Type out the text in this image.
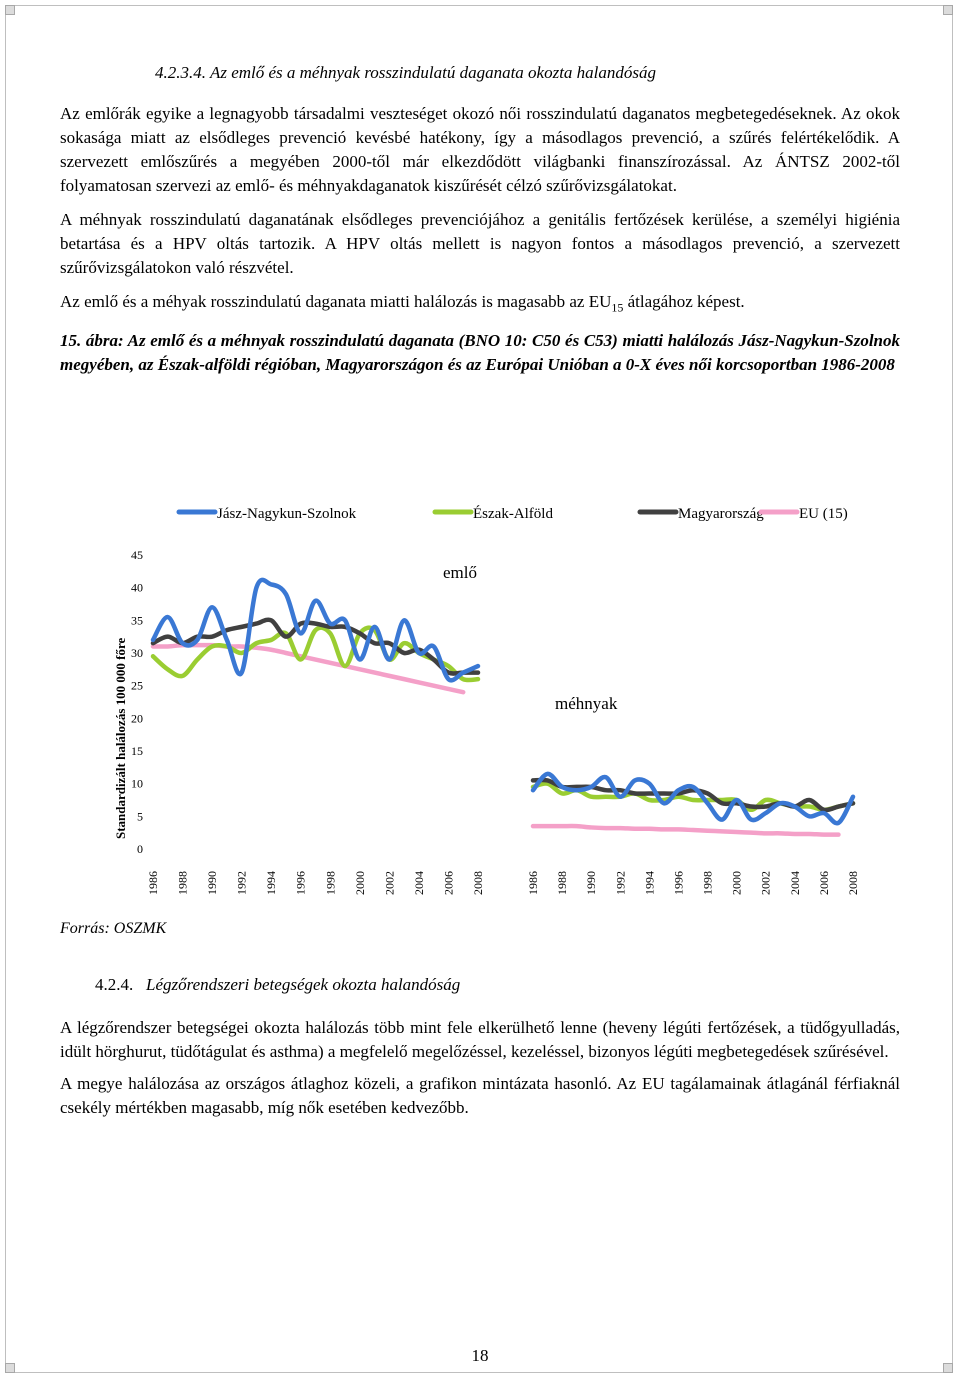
4.2.3.4. Az emlő és a méhnyak rosszindulatú daganata okozta halandóság

Az emlőrák egyike a legnagyobb társadalmi veszteséget okozó női rosszindulatú daganatos megbetegedéseknek. Az okok sokasága miatt az elsődleges prevenció kevésbé hatékony, így a másodlagos prevenció, a szűrés felértékelődik. A szervezett emlőszűrés a megyében 2000-től már elkezdődött világbanki finanszírozással. Az ÁNTSZ 2002-től folyamatosan szervezi az emlő- és méhnyakdaganatok kiszűrését célzó szűrővizsgálatokat.

A méhnyak rosszindulatú daganatának elsődleges prevenciójához a genitális fertőzések kerülése, a személyi higiénia betartása és a HPV oltás tartozik. A HPV oltás mellett is nagyon fontos a másodlagos prevenció, a szervezett szűrővizsgálatokon való részvétel.

Az emlő és a méhyak rosszindulatú daganata miatti halálozás is magasabb az $EU_{15}$ átlagához képest.

15. ábra: Az emlő és a méhnyak rosszindulatú daganata (BNO 10: C50 és C53) miatti halálozás Jász-Nagykun-Szolnok megyében, az Észak-alföldi régióban, Magyarországon és az Európai Unióban a 0-X éves női korcsoportban 1986-2008
Jász-Nagykun-Szolnok	Észak-Alföld	Magyarország EU (15)
Standardizált halálozás 100 000 főre
0
5
10
15
20
25
30
35
40
45
1986 1988 1990 1992 1994 1996 1998 2000 2002 2004 2006 2008	1986 1988 1990 1992 1994 1996 1998 2000 2002 2004 2006 2008
emlő
méhnyak
Forrás: OSZMK
4.2.4. Légzőrendszeri betegségek okozta halandóság

A légzőrendszer betegségei okozta halálozás több mint fele elkerülhető lenne (heveny légúti fertőzések, a tüdőgyulladás, idült hörghurut, tüdőtágulat és asthma) a megfelelő megelőzéssel, kezeléssel, bizonyos légúti megbetegedések szűrésével.

A megye halálozása az országos átlaghoz közeli, a grafikon mintázata hasonló. Az EU tagálamainak átlagánál férfiaknál csekély mértékben magasabb, míg nők esetében kedvezőbb.

18
